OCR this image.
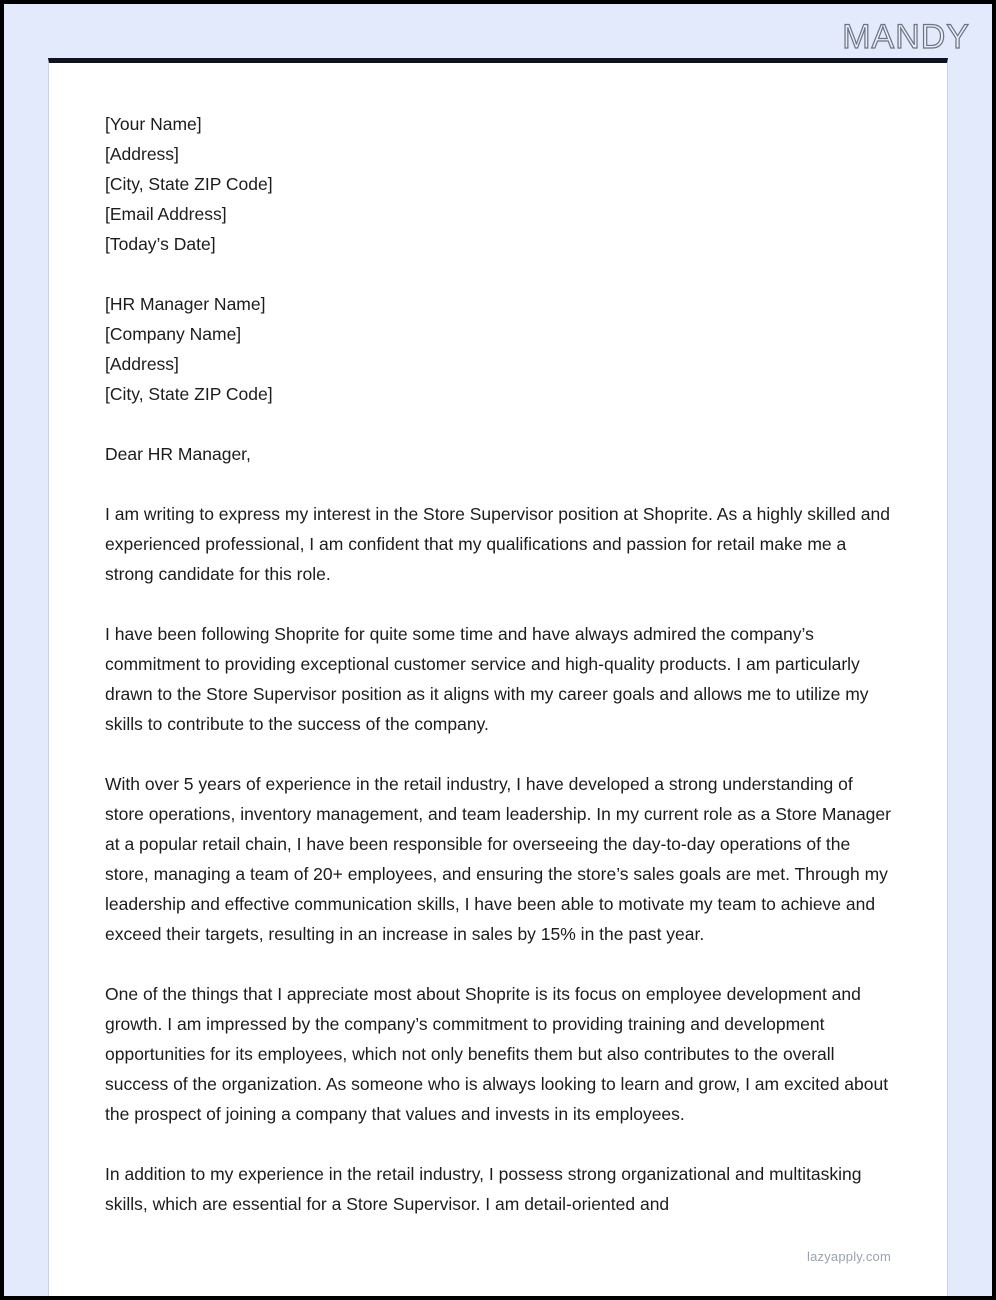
MANDY
[Your Name]
[Address]
[City, State ZIP Code]
[Email Address]
[Today’s Date]
[HR Manager Name]
[Company Name]
[Address]
[City, State ZIP Code]
Dear HR Manager,

I am writing to express my interest in the Store Supervisor position at Shoprite. As a highly skilled and experienced professional, I am confident that my qualifications and passion for retail make me a strong candidate for this role.

I have been following Shoprite for quite some time and have always admired the company’s commitment to providing exceptional customer service and high-quality products. I am particularly drawn to the Store Supervisor position as it aligns with my career goals and allows me to utilize my skills to contribute to the success of the company.

With over 5 years of experience in the retail industry, I have developed a strong understanding of store operations, inventory management, and team leadership. In my current role as a Store Manager at a popular retail chain, I have been responsible for overseeing the day-to-day operations of the store, managing a team of 20+ employees, and ensuring the store’s sales goals are met. Through my leadership and effective communication skills, I have been able to motivate my team to achieve and exceed their targets, resulting in an increase in sales by 15% in the past year.

One of the things that I appreciate most about Shoprite is its focus on employee development and growth. I am impressed by the company’s commitment to providing training and development opportunities for its employees, which not only benefits them but also contributes to the overall success of the organization. As someone who is always looking to learn and grow, I am excited about the prospect of joining a company that values and invests in its employees.

In addition to my experience in the retail industry, I possess strong organizational and multitasking skills, which are essential for a Store Supervisor. I am detail-oriented and

lazyapply.com
